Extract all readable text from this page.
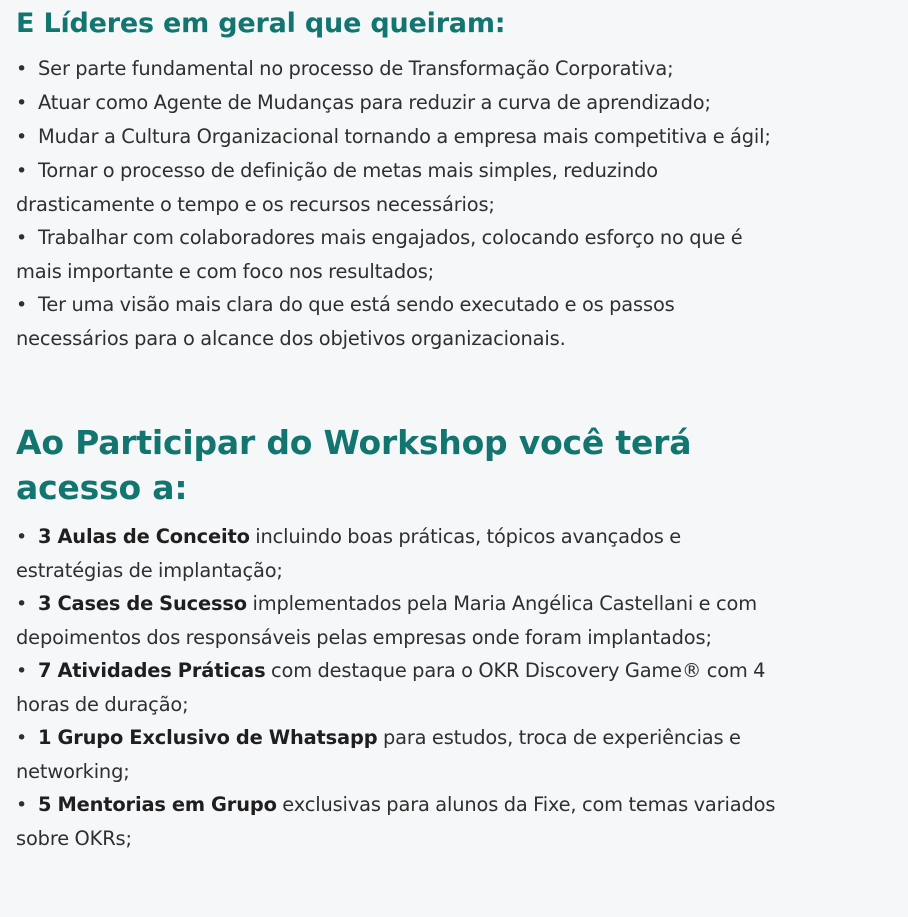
E Líderes em geral que queiram:
• Ser parte fundamental no processo de Transformação Corporativa;
• Atuar como Agente de Mudanças para reduzir a curva de aprendizado;
• Mudar a Cultura Organizacional tornando a empresa mais competitiva e ágil;
• Tornar o processo de definição de metas mais simples, reduzindo drasticamente o tempo e os recursos necessários;
• Trabalhar com colaboradores mais engajados, colocando esforço no que é mais importante e com foco nos resultados;
• Ter uma visão mais clara do que está sendo executado e os passos necessários para o alcance dos objetivos organizacionais.
Ao Participar do Workshop você terá acesso a:
• 3 Aulas de Conceito incluindo boas práticas, tópicos avançados e estratégias de implantação;
• 3 Cases de Sucesso implementados pela Maria Angélica Castellani e com depoimentos dos responsáveis pelas empresas onde foram implantados;
• 7 Atividades Práticas com destaque para o OKR Discovery Game® com 4 horas de duração;
• 1 Grupo Exclusivo de Whatsapp para estudos, troca de experiências e networking;
• 5 Mentorias em Grupo exclusivas para alunos da Fixe, com temas variados sobre OKRs;
